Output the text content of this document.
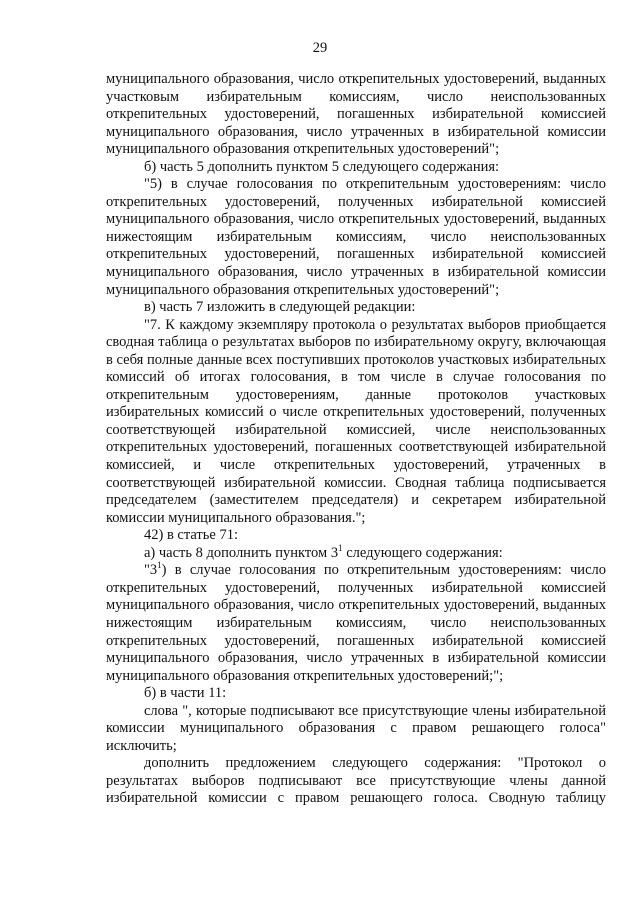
29

муниципального образования, число открепительных удостоверений, выданных участковым избирательным комиссиям, число неиспользованных открепительных удостоверений, погашенных избирательной комиссией муниципального образования, число утраченных в избирательной комиссии муниципального образования открепительных удостоверений";

б) часть 5 дополнить пунктом 5 следующего содержания:

"5) в случае голосования по открепительным удостоверениям: число открепительных удостоверений, полученных избирательной комиссией муниципального образования, число открепительных удостоверений, выданных нижестоящим избирательным комиссиям, число неиспользованных открепительных удостоверений, погашенных избирательной комиссией муниципального образования, число утраченных в избирательной комиссии муниципального образования открепительных удостоверений";

в) часть 7 изложить в следующей редакции:

"7. К каждому экземпляру протокола о результатах выборов приобщается сводная таблица о результатах выборов по избирательному округу, включающая в себя полные данные всех поступивших протоколов участковых избирательных комиссий об итогах голосования, в том числе в случае голосования по открепительным удостоверениям, данные протоколов участковых избирательных комиссий о числе открепительных удостоверений, полученных соответствующей избирательной комиссией, числе неиспользованных открепительных удостоверений, погашенных соответствующей избирательной комиссией, и числе открепительных удостоверений, утраченных в соответствующей избирательной комиссии. Сводная таблица подписывается председателем (заместителем председателя) и секретарем избирательной комиссии муниципального образования.";

42) в статье 71:

а) часть 8 дополнить пунктом $3^1$ следующего содержания:

"$3^1$) в случае голосования по открепительным удостоверениям: число открепительных удостоверений, полученных избирательной комиссией муниципального образования, число открепительных удостоверений, выданных нижестоящим избирательным комиссиям, число неиспользованных открепительных удостоверений, погашенных избирательной комиссией муниципального образования, число утраченных в избирательной комиссии муниципального образования открепительных удостоверений;";

б) в части 11:

слова ", которые подписывают все присутствующие члены избирательной комиссии муниципального образования с правом решающего голоса" исключить;

дополнить предложением следующего содержания: "Протокол о результатах выборов подписывают все присутствующие члены данной избирательной комиссии с правом решающего голоса. Сводную таблицу
